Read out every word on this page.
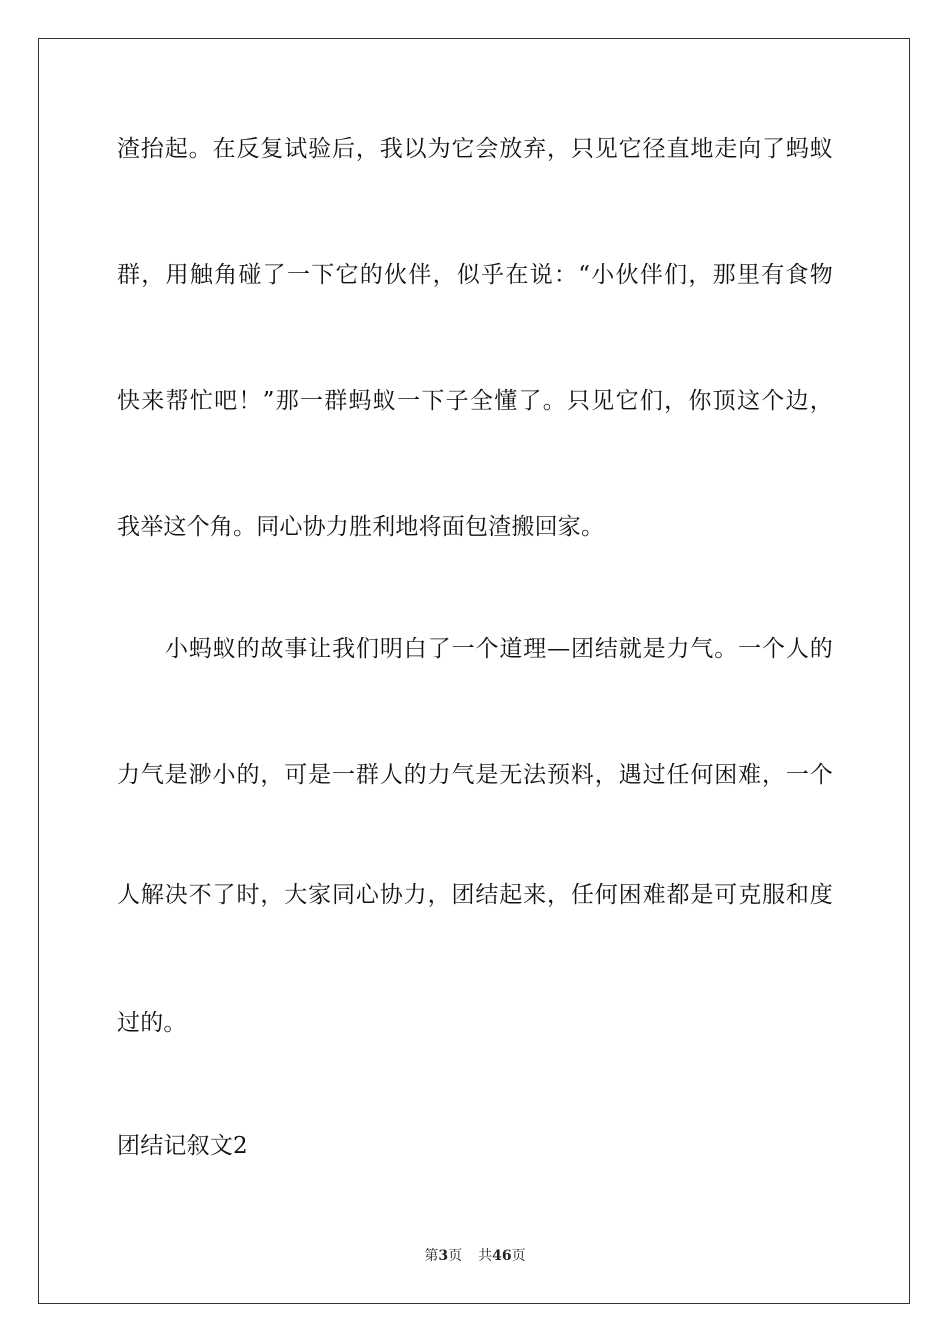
渣抬起。在反复试验后，我以为它会放弃，只见它径直地走向了蚂蚁
群，用触角碰了一下它的伙伴，似乎在说：“小伙伴们，那里有食物
快来帮忙吧！”那一群蚂蚁一下子全懂了。只见它们，你顶这个边，
我举这个角。同心协力胜利地将面包渣搬回家。
小蚂蚁的故事让我们明白了一个道理—团结就是力气。一个人的
力气是渺小的，可是一群人的力气是无法预料，遇过任何困难，一个
人解决不了时，大家同心协力，团结起来，任何困难都是可克服和度
过的。
团结记叙文2
第3页 共46页
